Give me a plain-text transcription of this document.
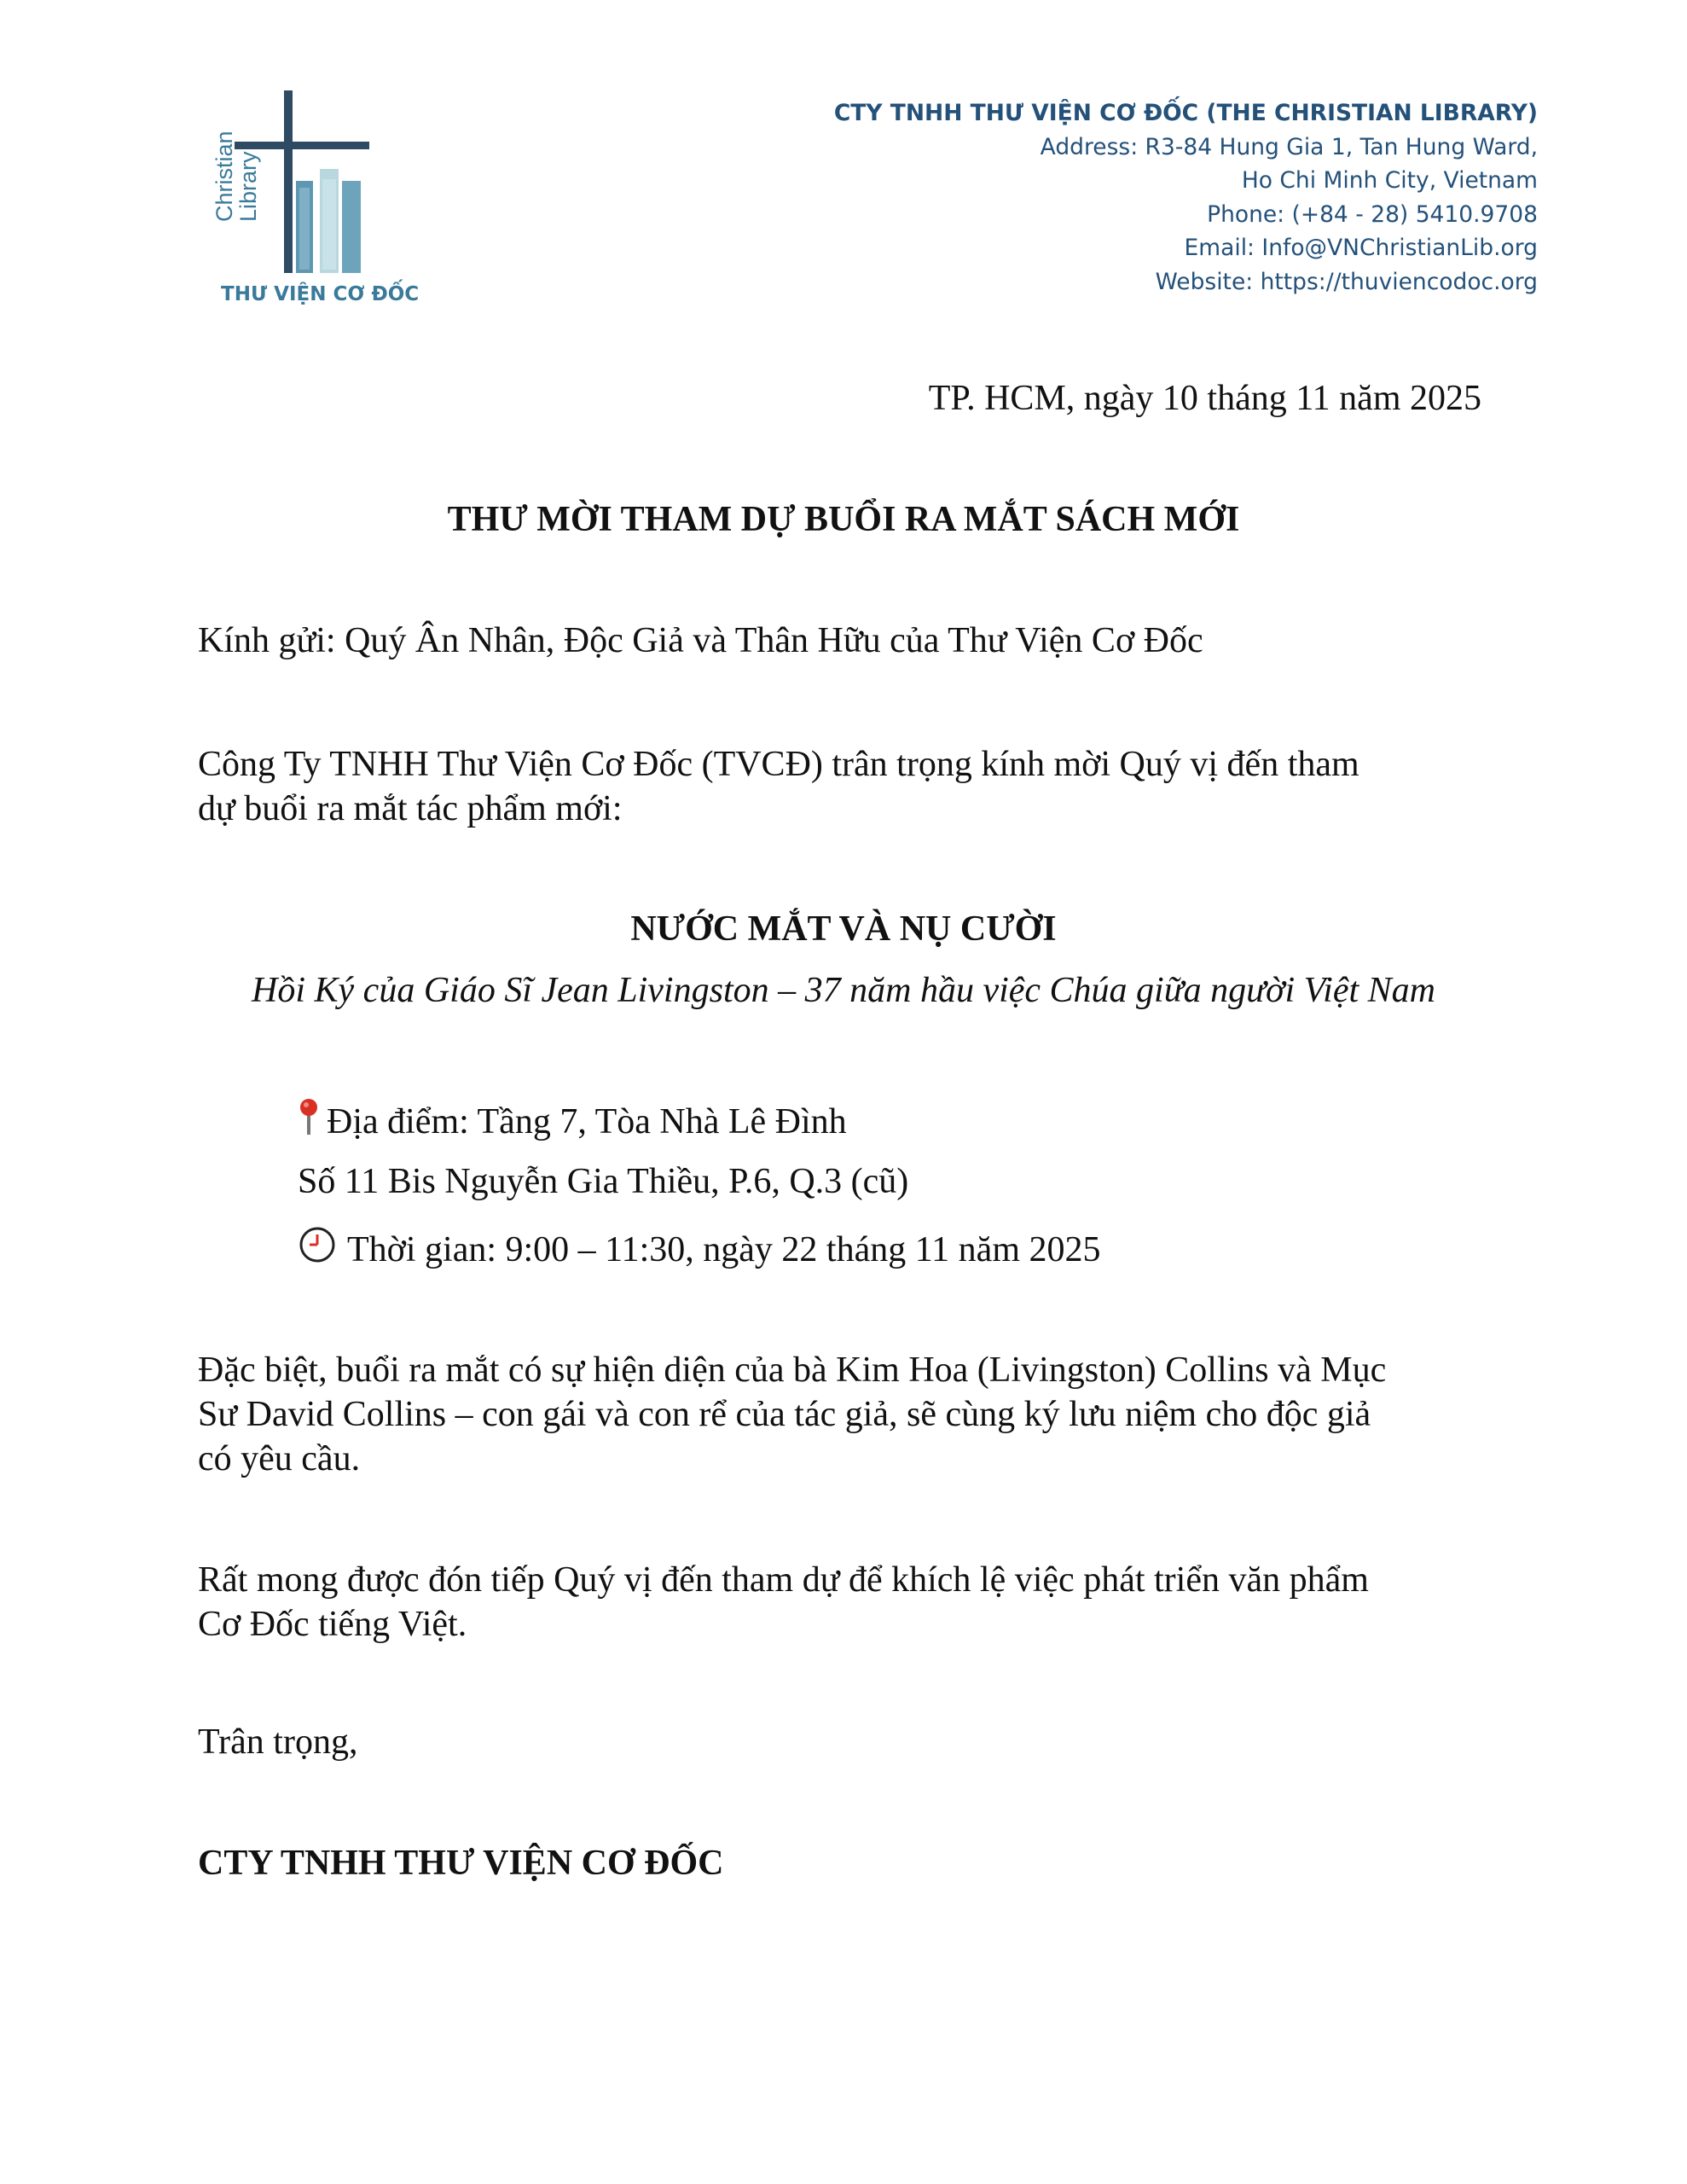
Christian
Library
THƯ VIỆN CƠ ĐỐC
CTY TNHH THƯ VIỆN CƠ ĐỐC (THE CHRISTIAN LIBRARY)
Address: R3-84 Hung Gia 1, Tan Hung Ward,
Ho Chi Minh City, Vietnam
Phone: (+84 - 28) 5410.9708
Email: Info@VNChristianLib.org
Website: https://thuviencodoc.org
TP. HCM, ngày 10 tháng 11 năm 2025
THƯ MỜI THAM DỰ BUỔI RA MẮT SÁCH MỚI
Kính gửi: Quý Ân Nhân, Độc Giả và Thân Hữu của Thư Viện Cơ Đốc
Công Ty TNHH Thư Viện Cơ Đốc (TVCĐ) trân trọng kính mời Quý vị đến tham
dự buổi ra mắt tác phẩm mới:
NƯỚC MẮT VÀ NỤ CƯỜI
Hồi Ký của Giáo Sĩ Jean Livingston – 37 năm hầu việc Chúa giữa người Việt Nam
Địa điểm: Tầng 7, Tòa Nhà Lê Đình
Số 11 Bis Nguyễn Gia Thiều, P.6, Q.3 (cũ)
Thời gian: 9:00 – 11:30, ngày 22 tháng 11 năm 2025
Đặc biệt, buổi ra mắt có sự hiện diện của bà Kim Hoa (Livingston) Collins và Mục
Sư David Collins – con gái và con rể của tác giả, sẽ cùng ký lưu niệm cho độc giả
có yêu cầu.
Rất mong được đón tiếp Quý vị đến tham dự để khích lệ việc phát triển văn phẩm
Cơ Đốc tiếng Việt.
Trân trọng,
CTY TNHH THƯ VIỆN CƠ ĐỐC
